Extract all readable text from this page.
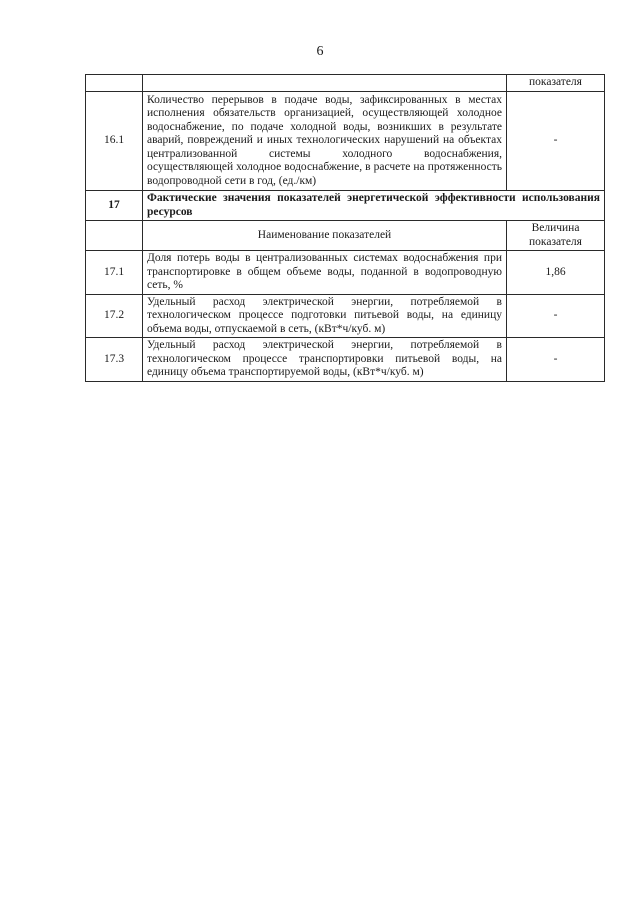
6
		показателя
16.1	Количество перерывов в подаче воды, зафиксированных в местах исполнения обязательств организацией, осуществляющей холодное водоснабжение, по подаче холодной воды, возникших в результате аварий, повреждений и иных технологических нарушений на объектах централизованной системы холодного водоснабжения, осуществляющей холодное водоснабжение, в расчете на протяженность водопроводной сети в год, (ед./км)	-
17	Фактические значения показателей энергетической эффективности использования ресурсов	
	Наименование показателей	Величина показателя
17.1	Доля потерь воды в централизованных системах водоснабжения при транспортировке в общем объеме воды, поданной в водопроводную сеть, %	1,86
17.2	Удельный расход электрической энергии, потребляемой в технологическом процессе подготовки питьевой воды, на единицу объема воды, отпускаемой в сеть, (кВт*ч/куб. м)	-
17.3	Удельный расход электрической энергии, потребляемой в технологическом процессе транспортировки питьевой воды, на единицу объема транспортируемой воды, (кВт*ч/куб. м)	-
